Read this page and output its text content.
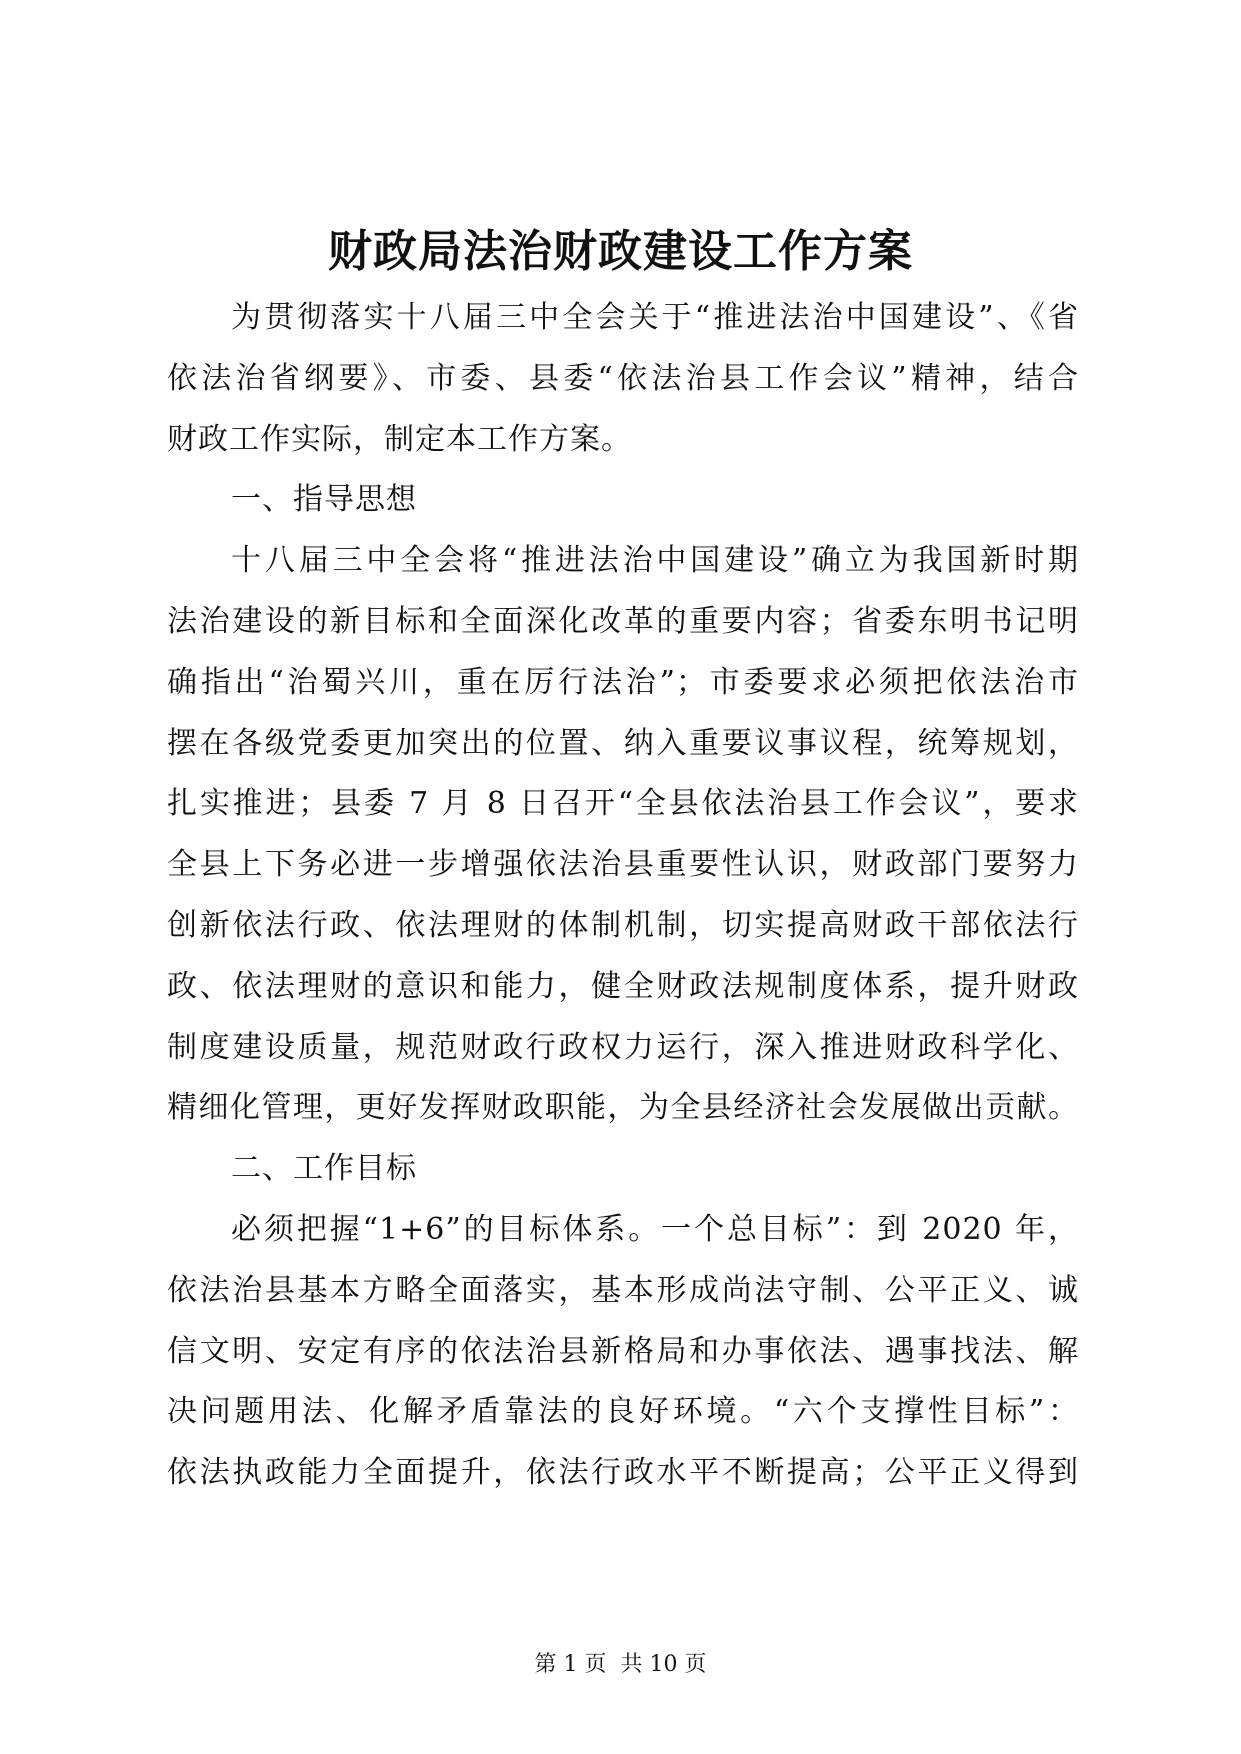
财政局法治财政建设工作方案
为贯彻落实十八届三中全会关于“推进法治中国建设”、《省
依法治省纲要》、市委、县委“依法治县工作会议”精神，结合
财政工作实际，制定本工作方案。
一、指导思想
十八届三中全会将“推进法治中国建设”确立为我国新时期
法治建设的新目标和全面深化改革的重要内容；省委东明书记明
确指出“治蜀兴川，重在厉行法治”；市委要求必须把依法治市
摆在各级党委更加突出的位置、纳入重要议事议程，统筹规划，
扎实推进；县委 7 月 8 日召开“全县依法治县工作会议”，要求
全县上下务必进一步增强依法治县重要性认识，财政部门要努力
创新依法行政、依法理财的体制机制，切实提高财政干部依法行
政、依法理财的意识和能力，健全财政法规制度体系，提升财政
制度建设质量，规范财政行政权力运行，深入推进财政科学化、
精细化管理，更好发挥财政职能，为全县经济社会发展做出贡献。
二、工作目标
必须把握“1+6”的目标体系。一个总目标”：到 2020 年，
依法治县基本方略全面落实，基本形成尚法守制、公平正义、诚
信文明、安定有序的依法治县新格局和办事依法、遇事找法、解
决问题用法、化解矛盾靠法的良好环境。“六个支撑性目标”：
依法执政能力全面提升，依法行政水平不断提高；公平正义得到
第 1 页  共 10 页
